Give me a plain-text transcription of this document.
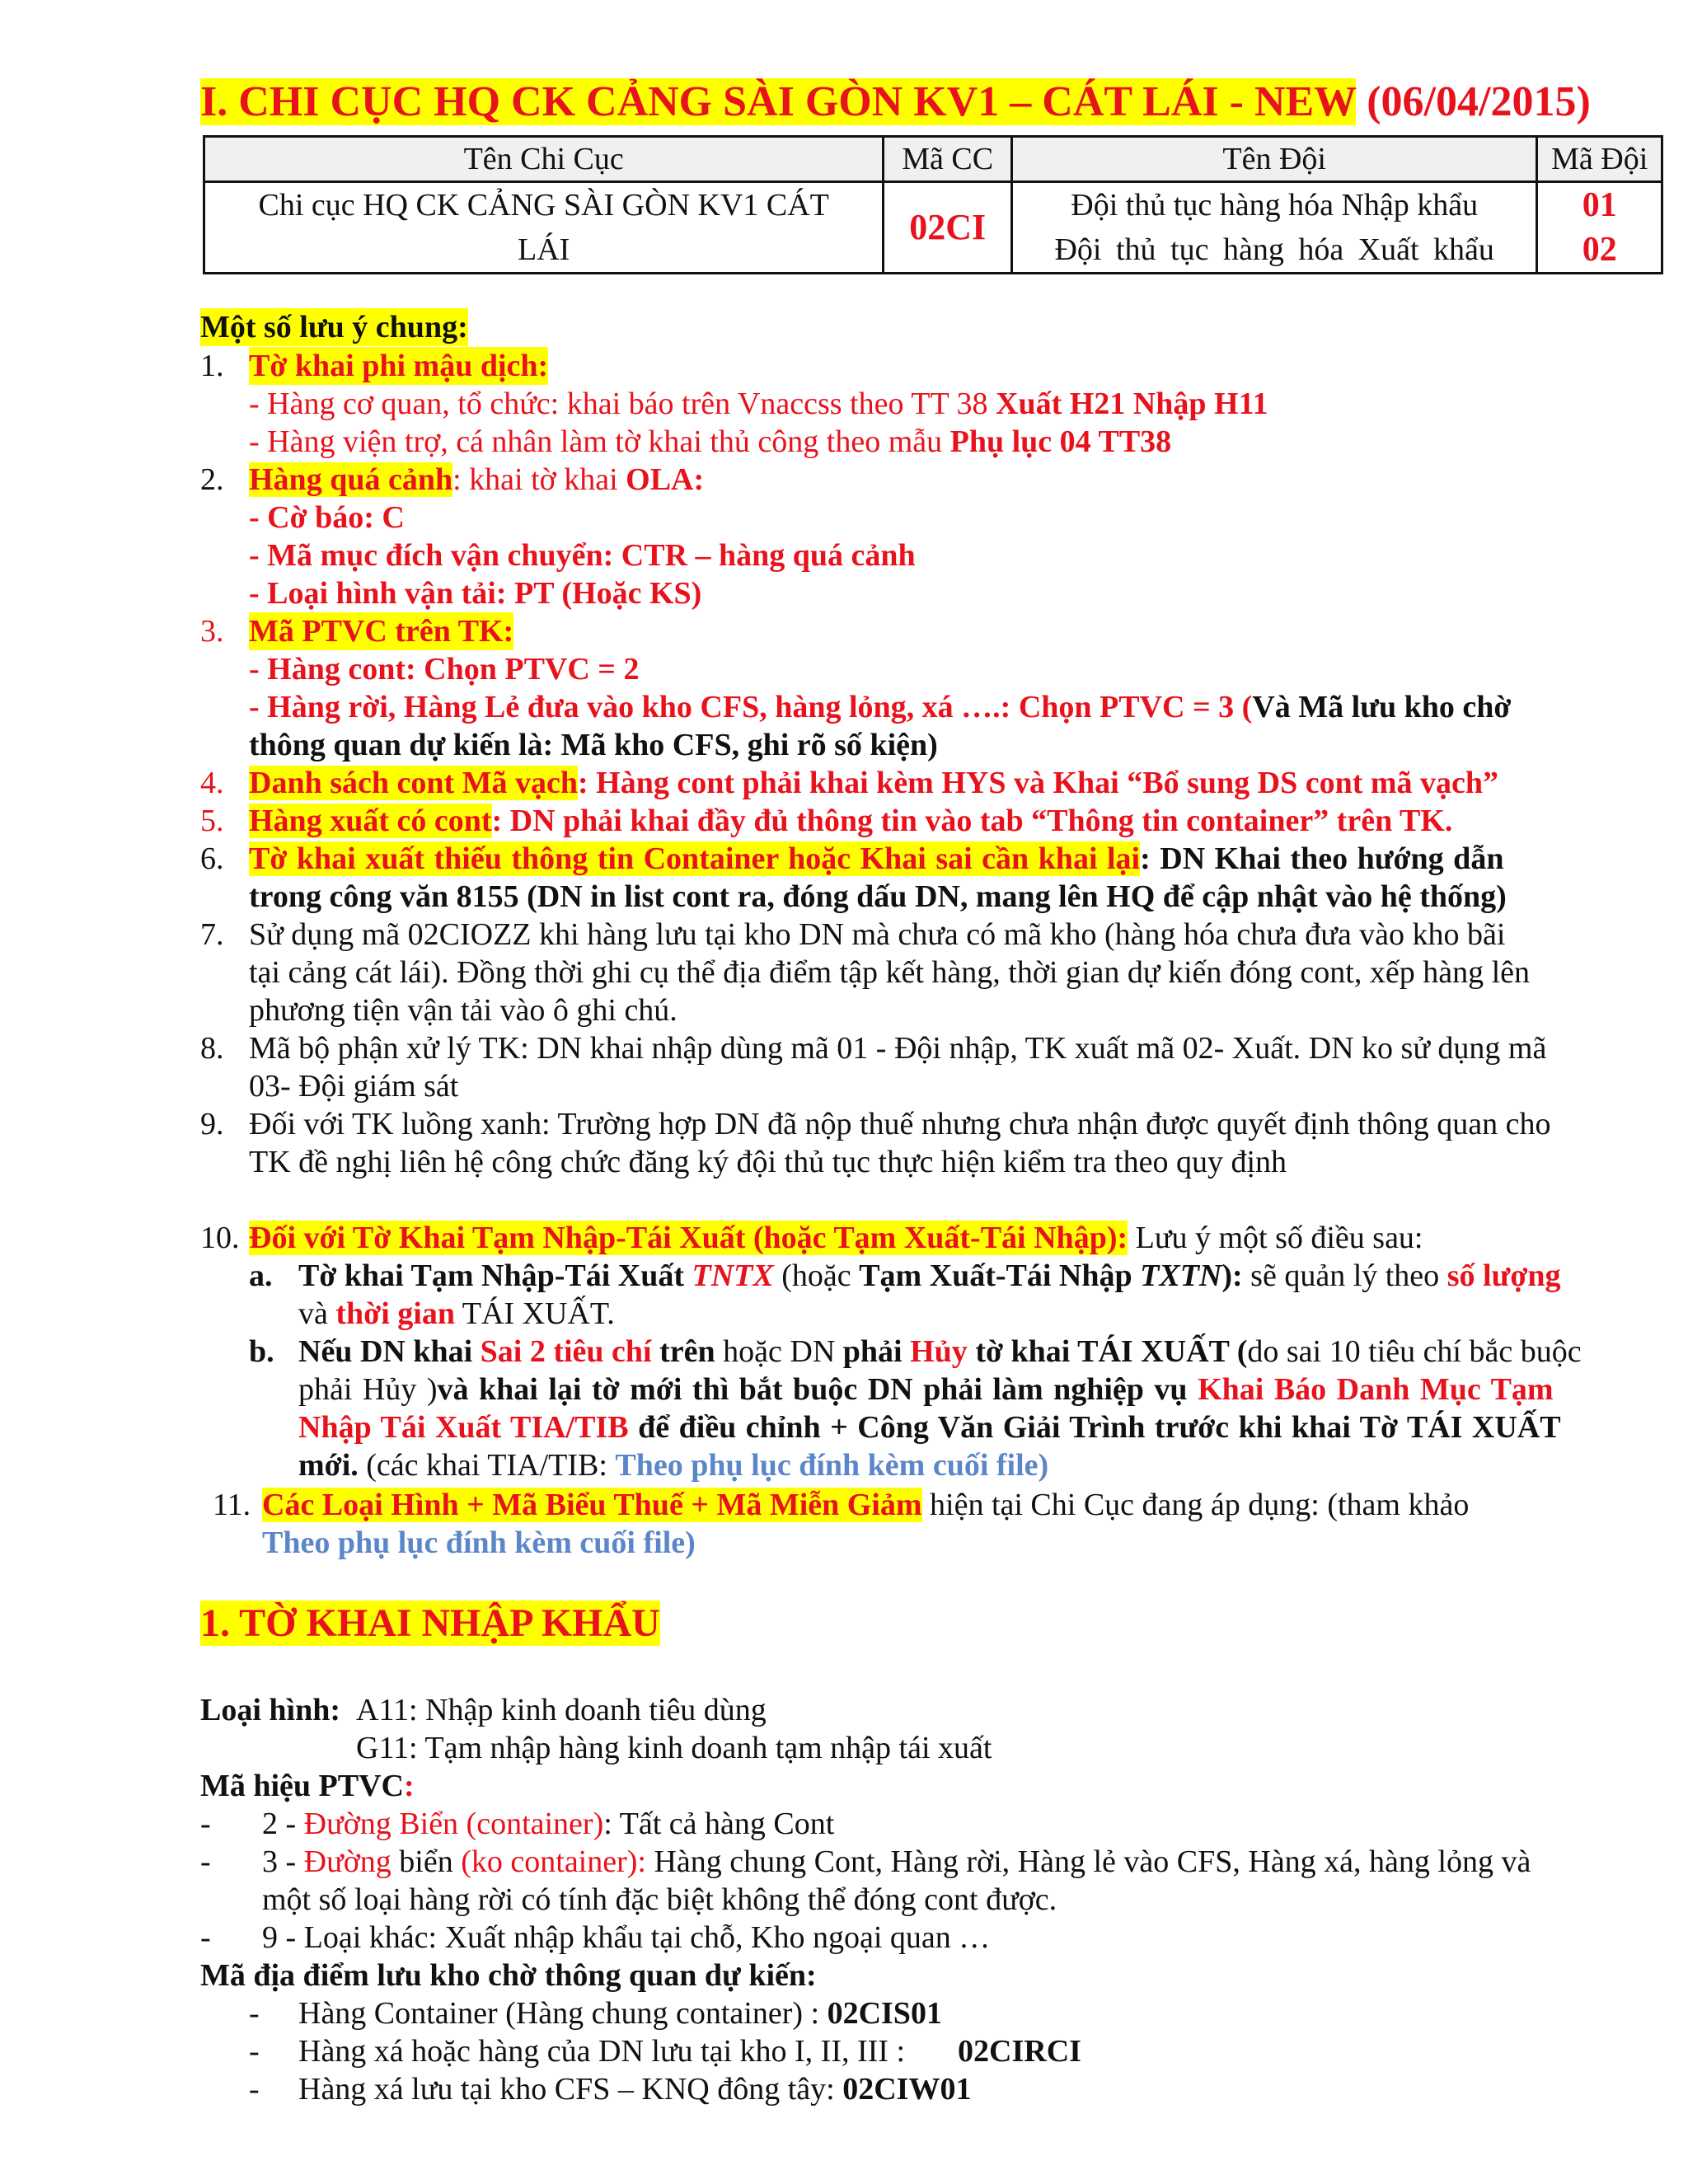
I. CHI CỤC HQ CK CẢNG SÀI GÒN KV1 – CÁT LÁI - NEW (06/04/2015)
Tên Chi Cục	Mã CC	Tên Đội	Mã Đội

Chi cục HQ CK CẢNG SÀI GÒN KV1 CÁT
LÁI	02CI	Đội thủ tục hàng hóa Nhập khẩu	01
		Đội thủ tục hàng hóa Xuất khẩu	02
Một số lưu ý chung:
1. Tờ khai phi mậu dịch:
- Hàng cơ quan, tổ chức: khai báo trên Vnaccss theo TT 38 Xuất H21 Nhập H11
- Hàng viện trợ, cá nhân làm tờ khai thủ công theo mẫu Phụ lục 04 TT38
2. Hàng quá cảnh: khai tờ khai OLA:
- Cờ báo: C
- Mã mục đích vận chuyển: CTR – hàng quá cảnh
- Loại hình vận tải: PT (Hoặc KS)
3. Mã PTVC trên TK:
- Hàng cont: Chọn PTVC = 2
- Hàng rời, Hàng Lẻ đưa vào kho CFS, hàng lỏng, xá ….: Chọn PTVC = 3 (Và Mã lưu kho chờ
thông quan dự kiến là: Mã kho CFS, ghi rõ số kiện)
4. Danh sách cont Mã vạch: Hàng cont phải khai kèm HYS và Khai “Bổ sung DS cont mã vạch”
5. Hàng xuất có cont: DN phải khai đầy đủ thông tin vào tab “Thông tin container” trên TK.
6. Tờ khai xuất thiếu thông tin Container hoặc Khai sai cần khai lại: DN Khai theo hướng dẫn
trong công văn 8155 (DN in list cont ra, đóng dấu DN, mang lên HQ để cập nhật vào hệ thống)
7. Sử dụng mã 02CIOZZ khi hàng lưu tại kho DN mà chưa có mã kho (hàng hóa chưa đưa vào kho bãi
tại cảng cát lái). Đồng thời ghi cụ thể địa điểm tập kết hàng, thời gian dự kiến đóng cont, xếp hàng lên
phương tiện vận tải vào ô ghi chú.
8. Mã bộ phận xử lý TK: DN khai nhập dùng mã 01 - Đội nhập, TK xuất mã 02- Xuất. DN ko sử dụng mã
03- Đội giám sát
9. Đối với TK luồng xanh: Trường hợp DN đã nộp thuế nhưng chưa nhận được quyết định thông quan cho
TK đề nghị liên hệ công chức đăng ký đội thủ tục thực hiện kiểm tra theo quy định
10. Đối với Tờ Khai Tạm Nhập-Tái Xuất (hoặc Tạm Xuất-Tái Nhập): Lưu ý một số điều sau:
a. Tờ khai Tạm Nhập-Tái Xuất TNTX (hoặc Tạm Xuất-Tái Nhập TXTN): sẽ quản lý theo số lượng
và thời gian TÁI XUẤT.
b. Nếu DN khai Sai 2 tiêu chí trên hoặc DN phải Hủy tờ khai TÁI XUẤT (do sai 10 tiêu chí bắc buộc
phải Hủy )và khai lại tờ mới thì bắt buộc DN phải làm nghiệp vụ Khai Báo Danh Mục Tạm
Nhập Tái Xuất TIA/TIB để điều chỉnh + Công Văn Giải Trình trước khi khai Tờ TÁI XUẤT
mới. (các khai TIA/TIB: Theo phụ lục đính kèm cuối file)
11. Các Loại Hình + Mã Biểu Thuế + Mã Miễn Giảm hiện tại Chi Cục đang áp dụng: (tham khảo
Theo phụ lục đính kèm cuối file)
1. TỜ KHAI NHẬP KHẨU
Loại hình: A11: Nhập kinh doanh tiêu dùng
G11: Tạm nhập hàng kinh doanh tạm nhập tái xuất
Mã hiệu PTVC:
- 2 - Đường Biển (container): Tất cả hàng Cont
- 3 - Đường biển (ko container): Hàng chung Cont, Hàng rời, Hàng lẻ vào CFS, Hàng xá, hàng lỏng và
một số loại hàng rời có tính đặc biệt không thể đóng cont được.
- 9 - Loại khác: Xuất nhập khẩu tại chỗ, Kho ngoại quan …
Mã địa điểm lưu kho chờ thông quan dự kiến:
- Hàng Container (Hàng chung container) : 02CIS01
- Hàng xá hoặc hàng của DN lưu tại kho I, II, III : 02CIRCI
- Hàng xá lưu tại kho CFS – KNQ đông tây: 02CIW01
